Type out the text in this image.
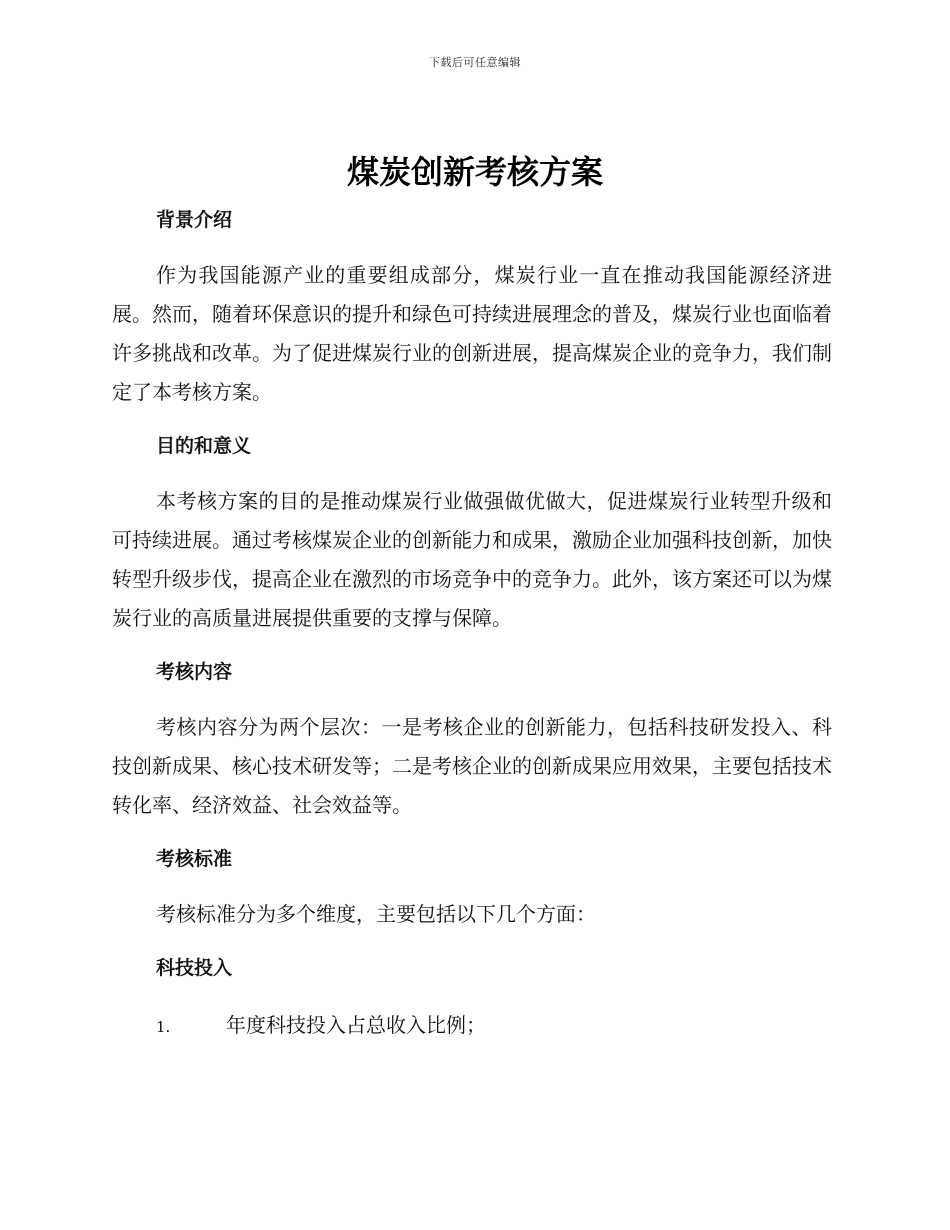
下载后可任意编辑
煤炭创新考核方案
背景介绍

作为我国能源产业的重要组成部分，煤炭行业一直在推动我国能源经济进展。然而，随着环保意识的提升和绿色可持续进展理念的普及，煤炭行业也面临着许多挑战和改革。为了促进煤炭行业的创新进展，提高煤炭企业的竞争力，我们制定了本考核方案。

目的和意义

本考核方案的目的是推动煤炭行业做强做优做大，促进煤炭行业转型升级和可持续进展。通过考核煤炭企业的创新能力和成果，激励企业加强科技创新，加快转型升级步伐，提高企业在激烈的市场竞争中的竞争力。此外，该方案还可以为煤炭行业的高质量进展提供重要的支撑与保障。

考核内容

考核内容分为两个层次：一是考核企业的创新能力，包括科技研发投入、科技创新成果、核心技术研发等；二是考核企业的创新成果应用效果，主要包括技术转化率、经济效益、社会效益等。

考核标准

考核标准分为多个维度，主要包括以下几个方面：

科技投入
1.	年度科技投入占总收入比例；
